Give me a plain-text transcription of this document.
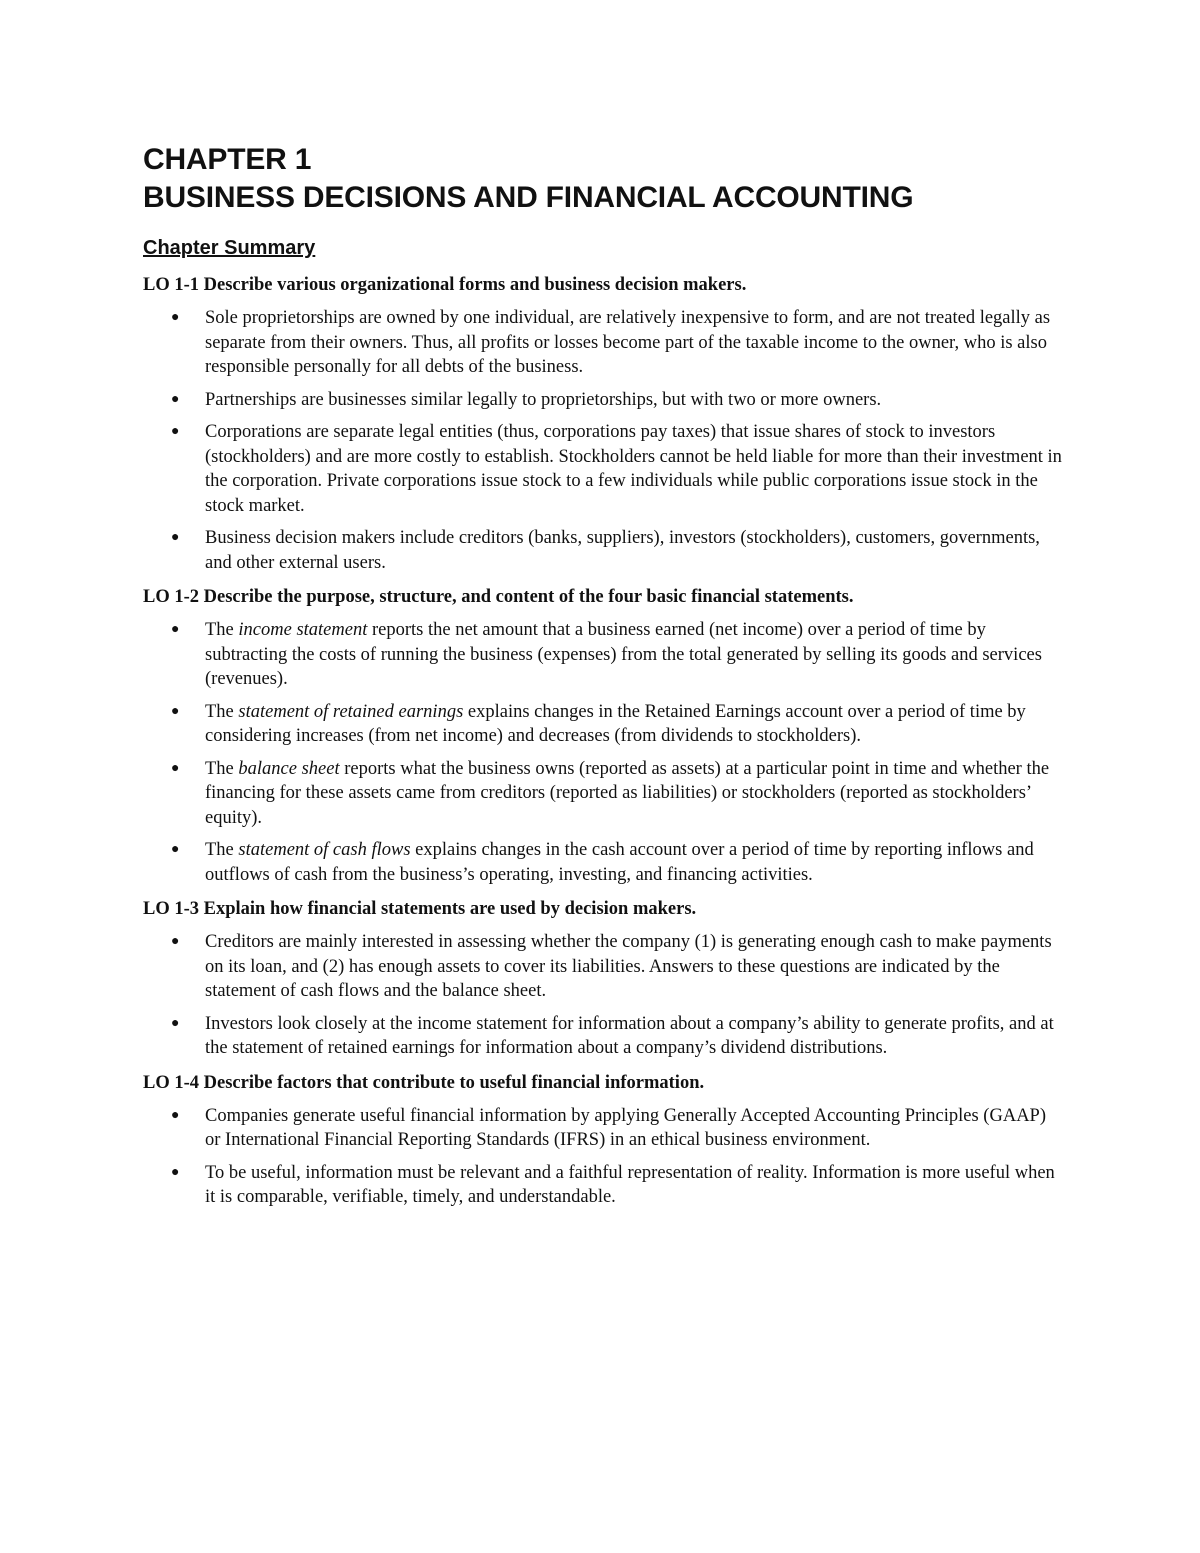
CHAPTER 1
BUSINESS DECISIONS AND FINANCIAL ACCOUNTING
Chapter Summary
LO 1-1 Describe various organizational forms and business decision makers.
● Sole proprietorships are owned by one individual, are relatively inexpensive to form, and are not treated legally as separate from their owners. Thus, all profits or losses become part of the taxable income to the owner, who is also responsible personally for all debts of the business.
● Partnerships are businesses similar legally to proprietorships, but with two or more owners.
● Corporations are separate legal entities (thus, corporations pay taxes) that issue shares of stock to investors (stockholders) and are more costly to establish. Stockholders cannot be held liable for more than their investment in the corporation. Private corporations issue stock to a few individuals while public corporations issue stock in the stock market.
● Business decision makers include creditors (banks, suppliers), investors (stockholders), customers, governments, and other external users.
LO 1-2 Describe the purpose, structure, and content of the four basic financial statements.
● The income statement reports the net amount that a business earned (net income) over a period of time by subtracting the costs of running the business (expenses) from the total generated by selling its goods and services (revenues).
● The statement of retained earnings explains changes in the Retained Earnings account over a period of time by considering increases (from net income) and decreases (from dividends to stockholders).
● The balance sheet reports what the business owns (reported as assets) at a particular point in time and whether the financing for these assets came from creditors (reported as liabilities) or stockholders (reported as stockholders’ equity).
● The statement of cash flows explains changes in the cash account over a period of time by reporting inflows and outflows of cash from the business’s operating, investing, and financing activities.
LO 1-3 Explain how financial statements are used by decision makers.
● Creditors are mainly interested in assessing whether the company (1) is generating enough cash to make payments on its loan, and (2) has enough assets to cover its liabilities. Answers to these questions are indicated by the statement of cash flows and the balance sheet.
● Investors look closely at the income statement for information about a company’s ability to generate profits, and at the statement of retained earnings for information about a company’s dividend distributions.
LO 1-4 Describe factors that contribute to useful financial information.
● Companies generate useful financial information by applying Generally Accepted Accounting Principles (GAAP) or International Financial Reporting Standards (IFRS) in an ethical business environment.
● To be useful, information must be relevant and a faithful representation of reality. Information is more useful when it is comparable, verifiable, timely, and understandable.
